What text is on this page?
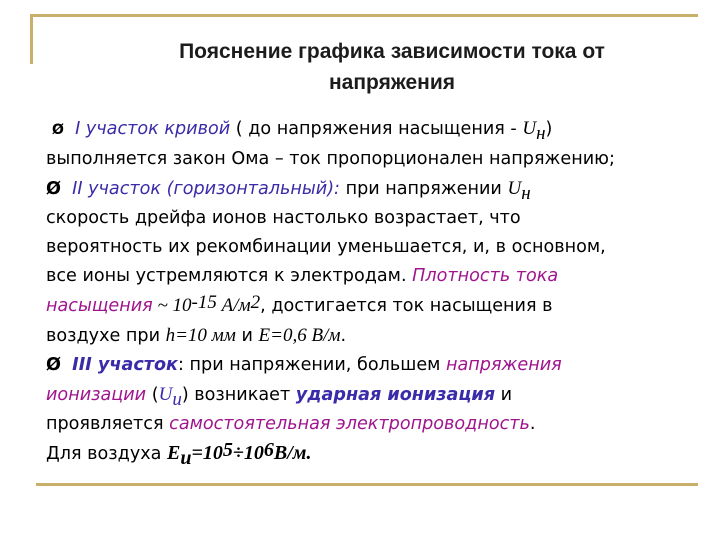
Пояснение графика зависимости тока от
напряжения
Ø I участок кривой ( до напряжения насыщения - $U_н$)
выполняется закон Ома – ток пропорционален напряжению;
Ø II участок (горизонтальный): при напряжении $U_н$
скорость дрейфа ионов настолько возрастает, что
вероятность их рекомбинации уменьшается, и, в основном,
все ионы устремляются к электродам. Плотность тока
насыщения ~ $10^{-15}$ $А/м^2$, достигается ток насыщения в
воздухе при h=10 мм и E=0,6 В/м.
Ø III участок: при напряжении, большем напряжения
ионизации $(U_и)$ возникает ударная ионизация и
проявляется самостоятельная электропроводность.
Для воздуха $E_и=10^5\div 10^6В/м$.
